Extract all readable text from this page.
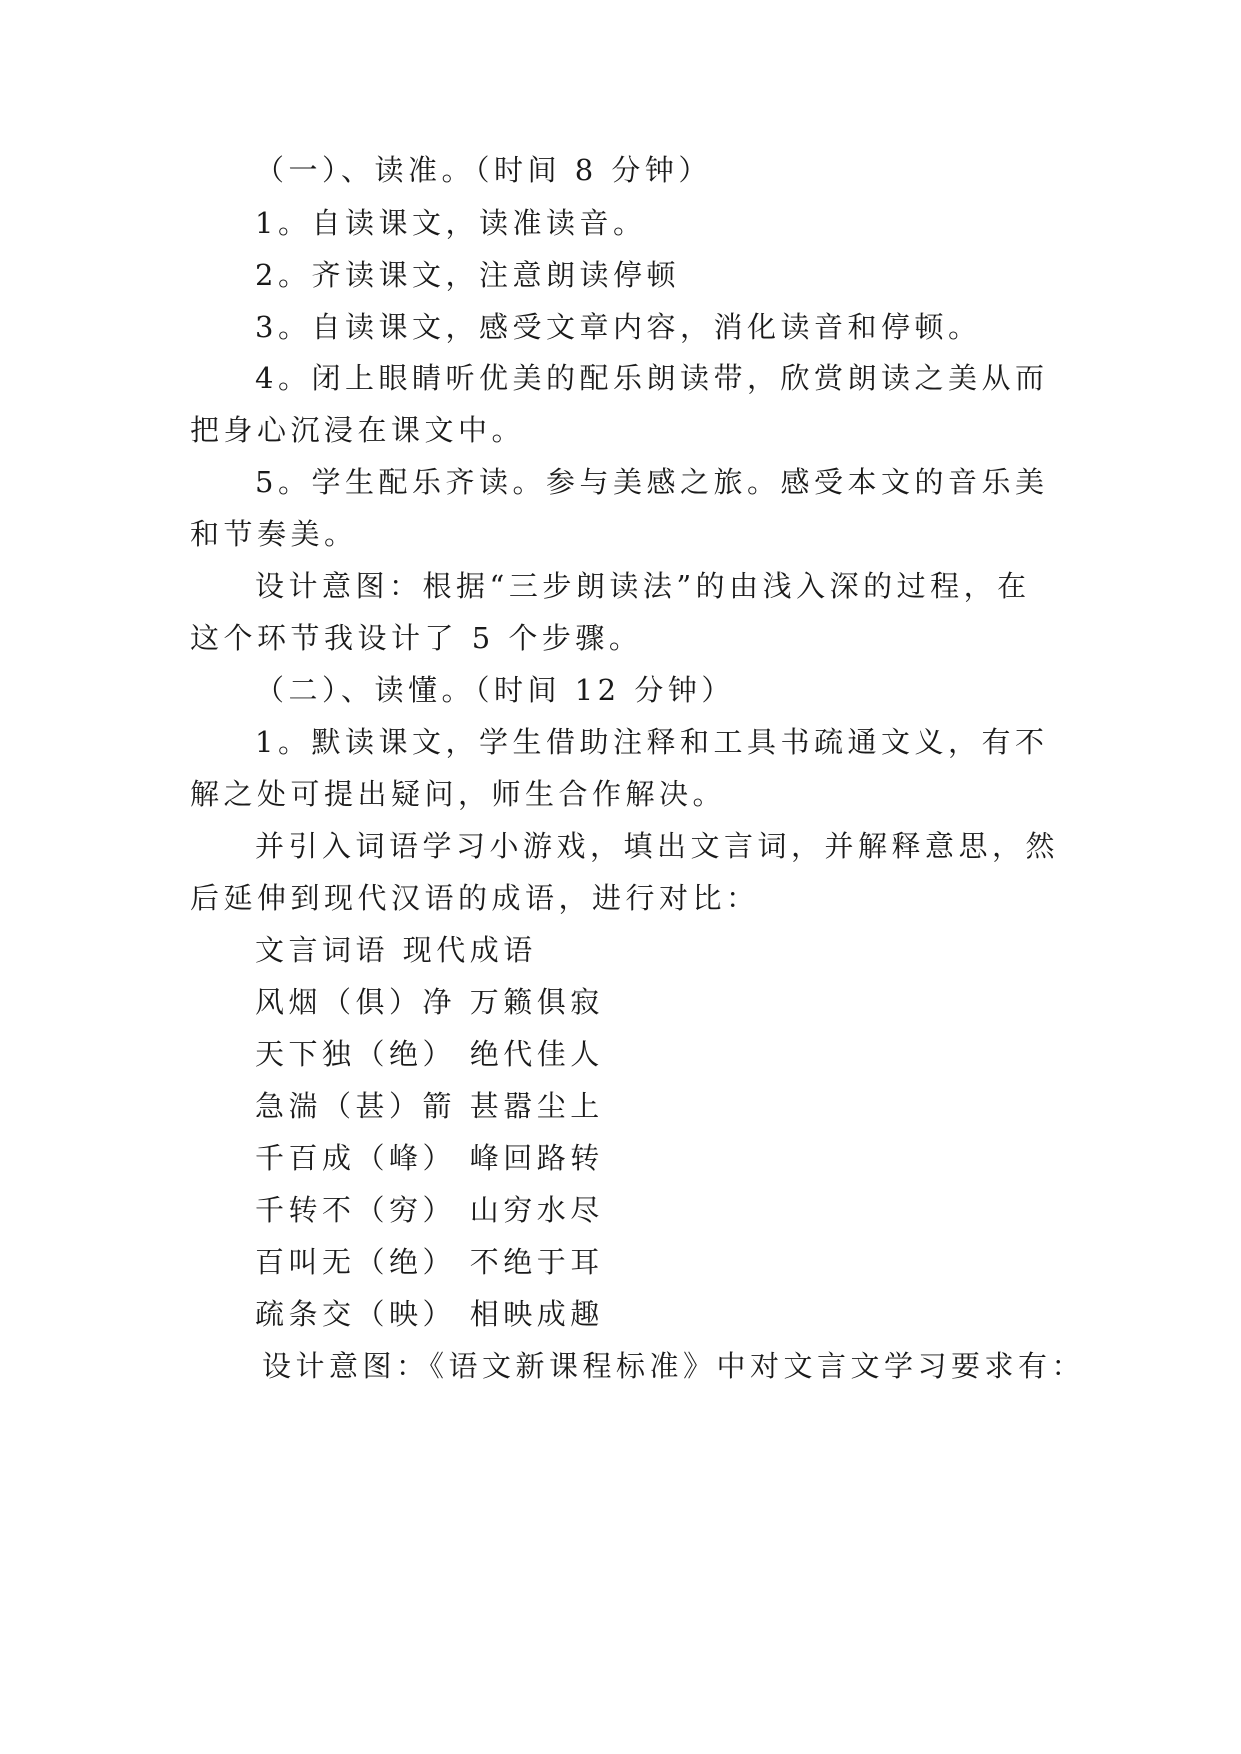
（一）、读准。（时间 8 分钟）
1。自读课文，读准读音。
2。齐读课文，注意朗读停顿
3。自读课文，感受文章内容，消化读音和停顿。
4。闭上眼睛听优美的配乐朗读带，欣赏朗读之美从而
把身心沉浸在课文中。
5。学生配乐齐读。参与美感之旅。感受本文的音乐美
和节奏美。
设计意图：根据“三步朗读法”的由浅入深的过程，在
这个环节我设计了 5 个步骤。
（二）、读懂。（时间 12 分钟）
1。默读课文，学生借助注释和工具书疏通文义，有不
解之处可提出疑问，师生合作解决。
并引入词语学习小游戏，填出文言词，并解释意思，然
后延伸到现代汉语的成语，进行对比：
文言词语 现代成语
风烟（俱）净 万籁俱寂
天下独（绝） 绝代佳人
急湍（甚）箭 甚嚣尘上
千百成（峰） 峰回路转
千转不（穷） 山穷水尽
百叫无（绝） 不绝于耳
疏条交（映） 相映成趣
设计意图：《语文新课程标准》中对文言文学习要求有：
